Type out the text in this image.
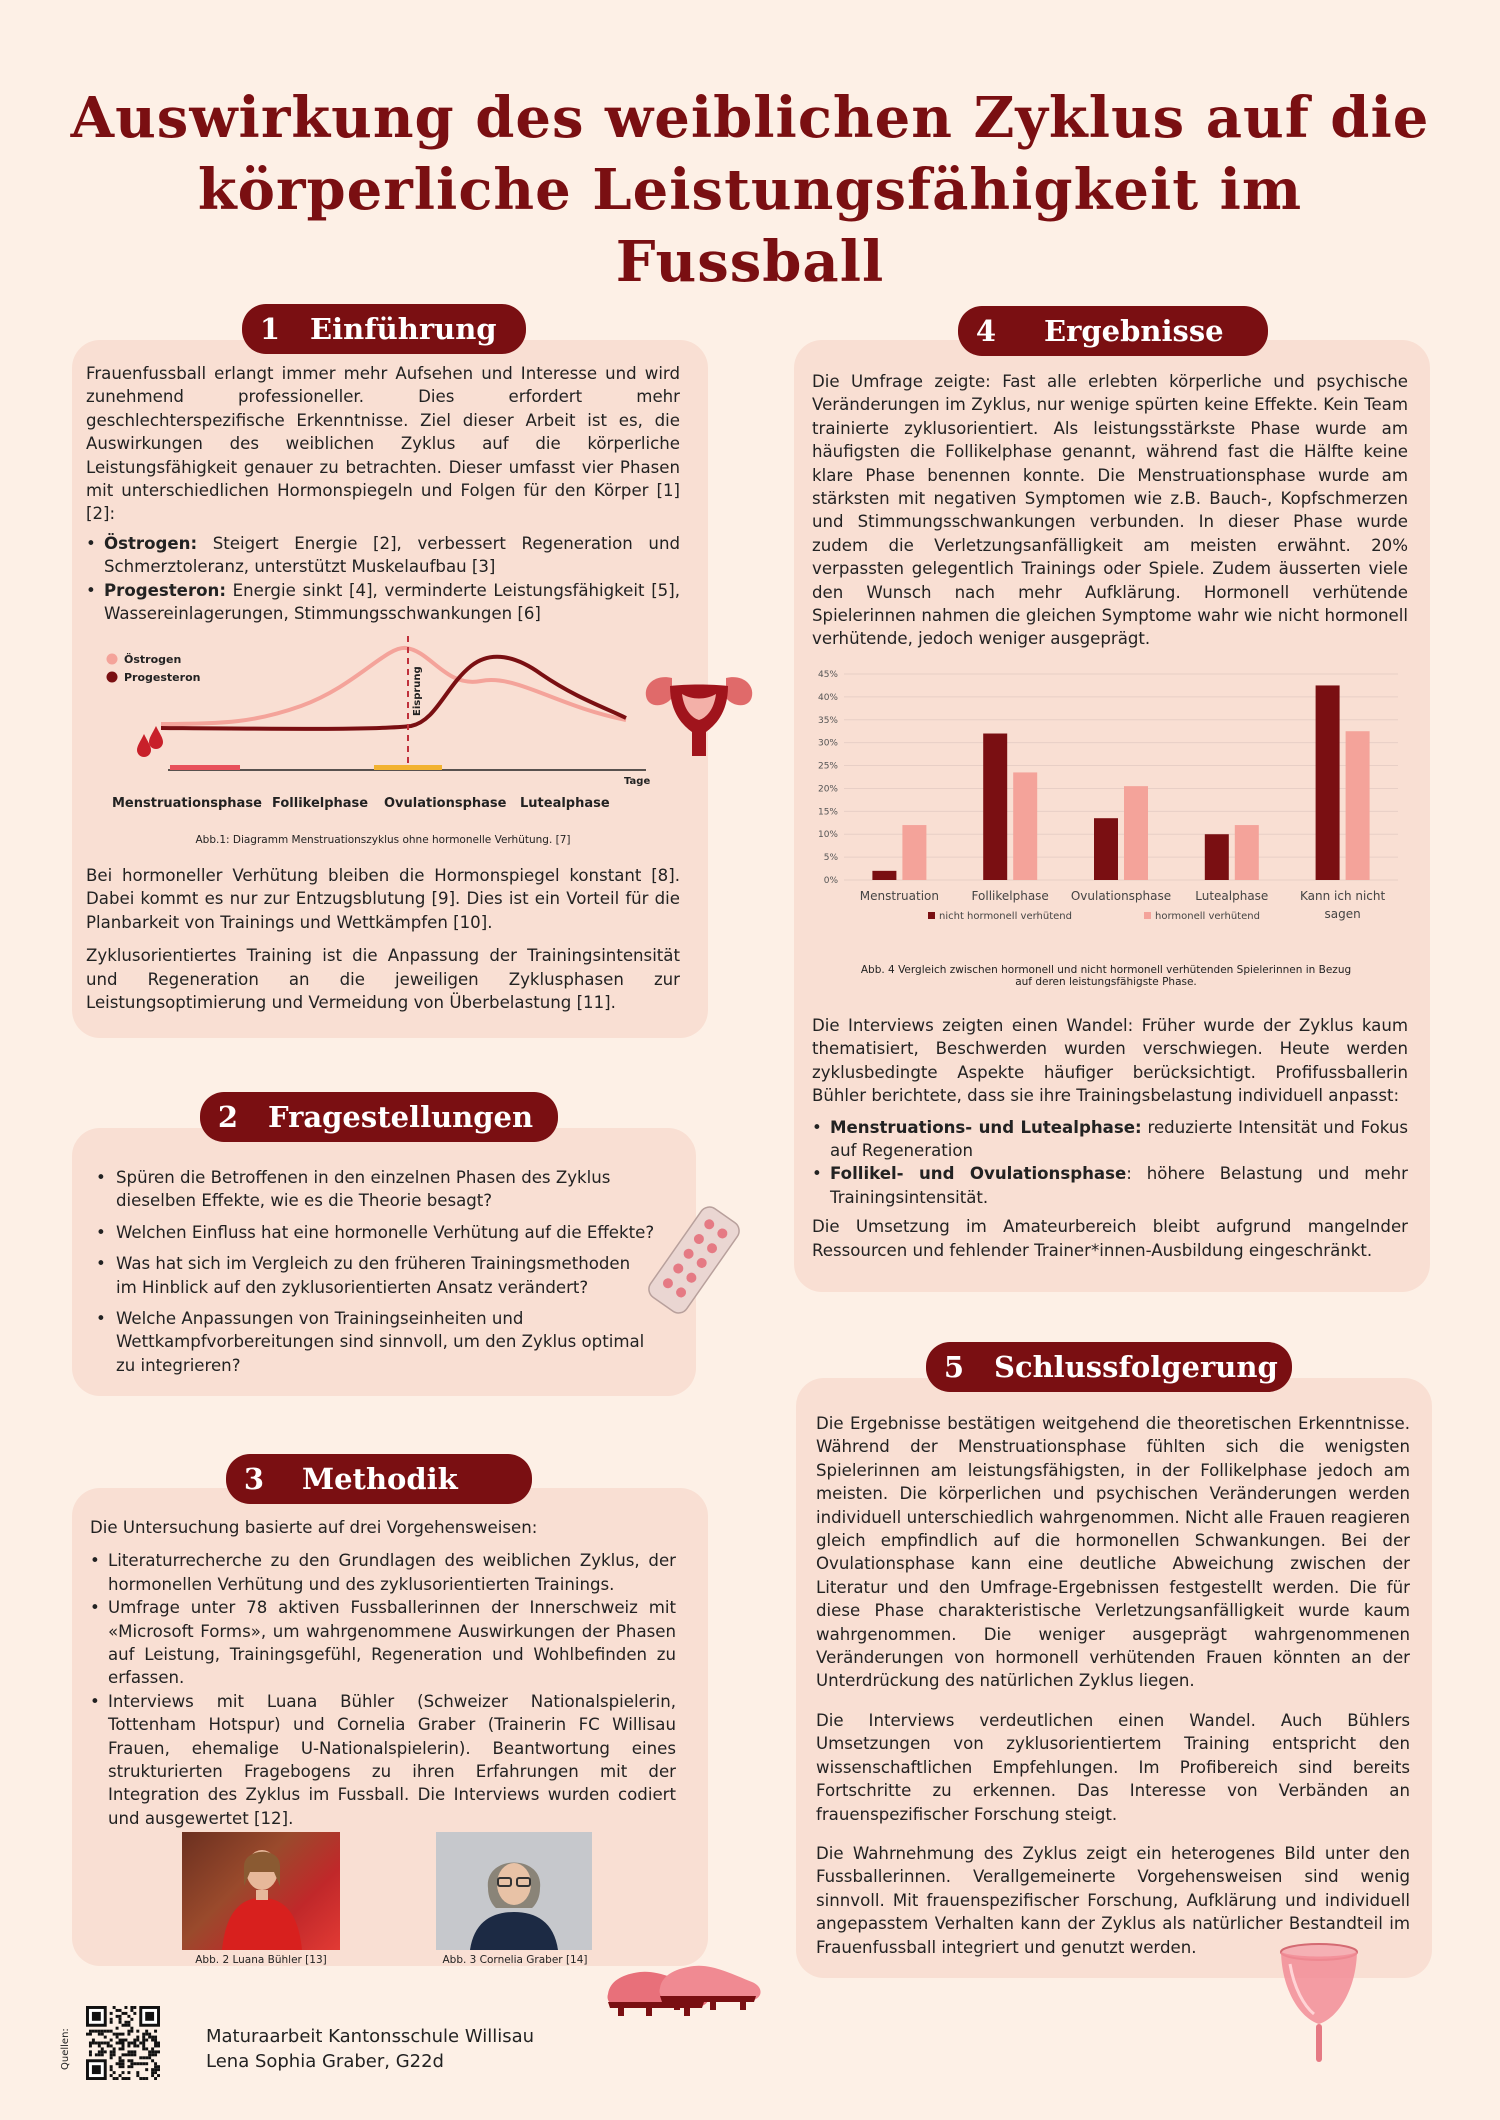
Auswirkung des weiblichen Zyklus auf die körperliche Leistungsfähigkeit im Fussball
1	Einführung

Frauenfussball erlangt immer mehr Aufsehen und Interesse und wird zunehmend professioneller. Dies erfordert mehr geschlechterspezifische Erkenntnisse. Ziel dieser Arbeit ist es, die Auswirkungen des weiblichen Zyklus auf die körperliche Leistungsfähigkeit genauer zu betrachten. Dieser umfasst vier Phasen mit unterschiedlichen Hormonspiegeln und Folgen für den Körper [1] [2]:

• Östrogen: Steigert Energie [2], verbessert Regeneration und Schmerztoleranz, unterstützt Muskelaufbau [3]
• Progesteron: Energie sinkt [4], verminderte Leistungsfähigkeit [5], Wassereinlagerungen, Stimmungsschwankungen [6]
Östrogen
Progesteron	Eisprung
Tage
Menstruationsphase Follikelphase Ovulationsphase Lutealphase
Abb.1: Diagramm Menstruationszyklus ohne hormonelle Verhütung. [7]

Bei hormoneller Verhütung bleiben die Hormonspiegel konstant [8]. Dabei kommt es nur zur Entzugsblutung [9]. Dies ist ein Vorteil für die Planbarkeit von Trainings und Wettkämpfen [10].

Zyklusorientiertes Training ist die Anpassung der Trainingsintensität und Regeneration an die jeweiligen Zyklusphasen zur Leistungsoptimierung und Vermeidung von Überbelastung [11].

2	Fragestellungen
• Spüren die Betroffenen in den einzelnen Phasen des Zyklus dieselben Effekte, wie es die Theorie besagt?
• Welchen Einfluss hat eine hormonelle Verhütung auf die Effekte?
• Was hat sich im Vergleich zu den früheren Trainingsmethoden im Hinblick auf den zyklusorientierten Ansatz verändert?
• Welche Anpassungen von Trainingseinheiten und Wettkampfvorbereitungen sind sinnvoll, um den Zyklus optimal zu integrieren?
3	Methodik

Die Untersuchung basierte auf drei Vorgehensweisen:

• Literaturrecherche zu den Grundlagen des weiblichen Zyklus, der hormonellen Verhütung und des zyklusorientierten Trainings.
• Umfrage unter 78 aktiven Fussballerinnen der Innerschweiz mit «Microsoft Forms», um wahrgenommene Auswirkungen der Phasen auf Leistung, Trainingsgefühl, Regeneration und Wohlbefinden zu erfassen.
• Interviews mit Luana Bühler (Schweizer Nationalspielerin, Tottenham Hotspur) und Cornelia Graber (Trainerin FC Willisau Frauen, ehemalige U-Nationalspielerin). Beantwortung eines strukturierten Fragebogens zu ihren Erfahrungen mit der Integration des Zyklus im Fussball. Die Interviews wurden codiert und ausgewertet [12].
Abb. 2 Luana Bühler [13]	Abb. 3 Cornelia Graber [14]
4	Ergebnisse
Die Umfrage zeigte: Fast alle erlebten körperliche und psychische Veränderungen im Zyklus, nur wenige spürten keine Effekte. Kein Team trainierte zyklusorientiert. Als leistungsstärkste Phase wurde am häufigsten die Follikelphase genannt, während fast die Hälfte keine klare Phase benennen konnte. Die Menstruationsphase wurde am stärksten mit negativen Symptomen wie z.B. Bauch-, Kopfschmerzen und Stimmungsschwankungen verbunden. In dieser Phase wurde zudem die Verletzungsanfälligkeit am meisten erwähnt. 20% verpassten gelegentlich Trainings oder Spiele. Zudem äusserten viele den Wunsch nach mehr Aufklärung. Hormonell verhütende Spielerinnen nahmen die gleichen Symptome wahr wie nicht hormonell verhütende, jedoch weniger ausgeprägt.
0%
5%
10%
15%
20%
25%
30%
35%
40%
45%
Menstruation	Follikelphase Ovulationsphase Lutealphase	Kann ich nicht
sagen
nicht hormonell verhütend	hormonell verhütend
Abb. 4 Vergleich zwischen hormonell und nicht hormonell verhütenden Spielerinnen in Bezug auf deren leistungsfähigste Phase.

Die Interviews zeigten einen Wandel: Früher wurde der Zyklus kaum thematisiert, Beschwerden wurden verschwiegen. Heute werden zyklusbedingte Aspekte häufiger berücksichtigt. Profifussballerin Bühler berichtete, dass sie ihre Trainingsbelastung individuell anpasst:

• Menstruations- und Lutealphase: reduzierte Intensität und Fokus auf Regeneration
• Follikel- und Ovulationsphase: höhere Belastung und mehr Trainingsintensität.

Die Umsetzung im Amateurbereich bleibt aufgrund mangelnder Ressourcen und fehlender Trainer*innen-Ausbildung eingeschränkt.

5	Schlussfolgerung

Die Ergebnisse bestätigen weitgehend die theoretischen Erkenntnisse. Während der Menstruationsphase fühlten sich die wenigsten Spielerinnen am leistungsfähigsten, in der Follikelphase jedoch am meisten. Die körperlichen und psychischen Veränderungen werden individuell unterschiedlich wahrgenommen. Nicht alle Frauen reagieren gleich empfindlich auf die hormonellen Schwankungen. Bei der Ovulationsphase kann eine deutliche Abweichung zwischen der Literatur und den Umfrage-Ergebnissen festgestellt werden. Die für diese Phase charakteristische Verletzungsanfälligkeit wurde kaum wahrgenommen. Die weniger ausgeprägt wahrgenommenen Veränderungen von hormonell verhütenden Frauen könnten an der Unterdrückung des natürlichen Zyklus liegen.

Die Interviews verdeutlichen einen Wandel. Auch Bühlers Umsetzungen von zyklusorientiertem Training entspricht den wissenschaftlichen Empfehlungen. Im Profibereich sind bereits Fortschritte zu erkennen. Das Interesse von Verbänden an frauenspezifischer Forschung steigt.

Die Wahrnehmung des Zyklus zeigt ein heterogenes Bild unter den Fussballerinnen. Verallgemeinerte Vorgehensweisen sind wenig sinnvoll. Mit frauenspezifischer Forschung, Aufklärung und individuell angepasstem Verhalten kann der Zyklus als natürlicher Bestandteil im Frauenfussball integriert und genutzt werden.

Quellen:	Maturaarbeit Kantonsschule Willisau
Lena Sophia Graber, G22d
